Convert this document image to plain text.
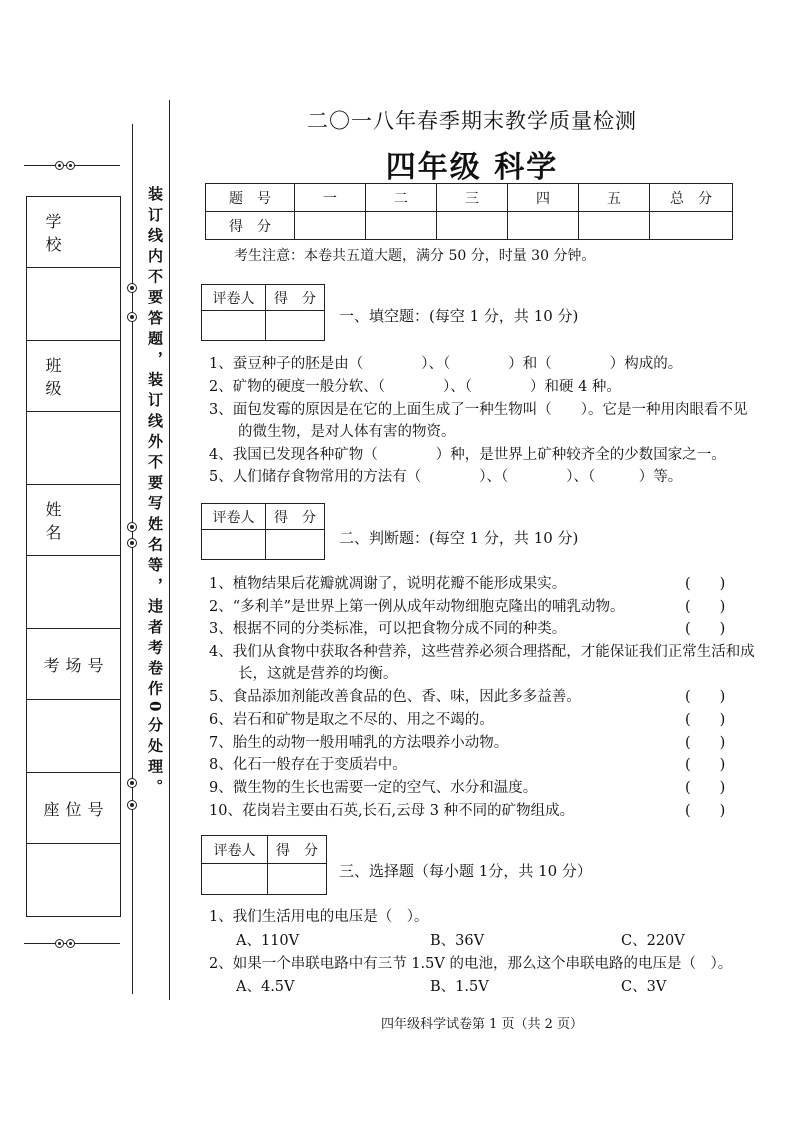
学　校
班　级
姓　名
考场号
座位号
装订线内不要答题，装订线外不要写姓名等，违者考卷作0分处理。
二〇一八年春季期末教学质量检测
四年级 科学
题　号	一	二	三	四	五	总　分
得　分						
考生注意：本卷共五道大题，满分 50 分，时量 30 分钟。
评卷人	得　分

一、填空题：(每空 1 分，共 10 分)
1、蚕豆种子的胚是由（　　　　）、（　　　　）和（　　　　）构成的。
2、矿物的硬度一般分软、（　　　　）、（　　　　）和硬 4 种。
3、面包发霉的原因是在它的上面生成了一种生物叫（　　）。它是一种用肉眼看不见
　　的微生物，是对人体有害的物资。
4、我国已发现各种矿物（　　　　）种，是世界上矿种较齐全的少数国家之一。
5、人们储存食物常用的方法有（　　　　）、（　　　　）、（　　　）等。
评卷人	得　分

二、判断题：(每空 1 分，共 10 分)
1、植物结果后花瓣就凋谢了，说明花瓣不能形成果实。	(　　)
2、“多利羊”是世界上第一例从成年动物细胞克隆出的哺乳动物。	(　　)
3、根据不同的分类标准，可以把食物分成不同的种类。	(　　)
4、我们从食物中获取各种营养，这些营养必须合理搭配，才能保证我们正常生活和成
　　长，这就是营养的均衡。
5、食品添加剂能改善食品的色、香、味，因此多多益善。	(　　)
6、岩石和矿物是取之不尽的、用之不竭的。	(　　)
7、胎生的动物一般用哺乳的方法喂养小动物。	(　　)
8、化石一般存在于变质岩中。	(　　)
9、微生物的生长也需要一定的空气、水分和温度。	(　　)
10、花岗岩主要由石英,长石,云母 3 种不同的矿物组成。	(　　)
评卷人	得　分

三、选择题（每小题 1分，共 10 分）
1、我们生活用电的电压是（　）。
A、110V	B、36V	C、220V
2、如果一个串联电路中有三节 1.5V 的电池，那么这个串联电路的电压是（　）。
A、4.5V	B、1.5V	C、3V
四年级科学试卷第 1 页（共 2 页）
